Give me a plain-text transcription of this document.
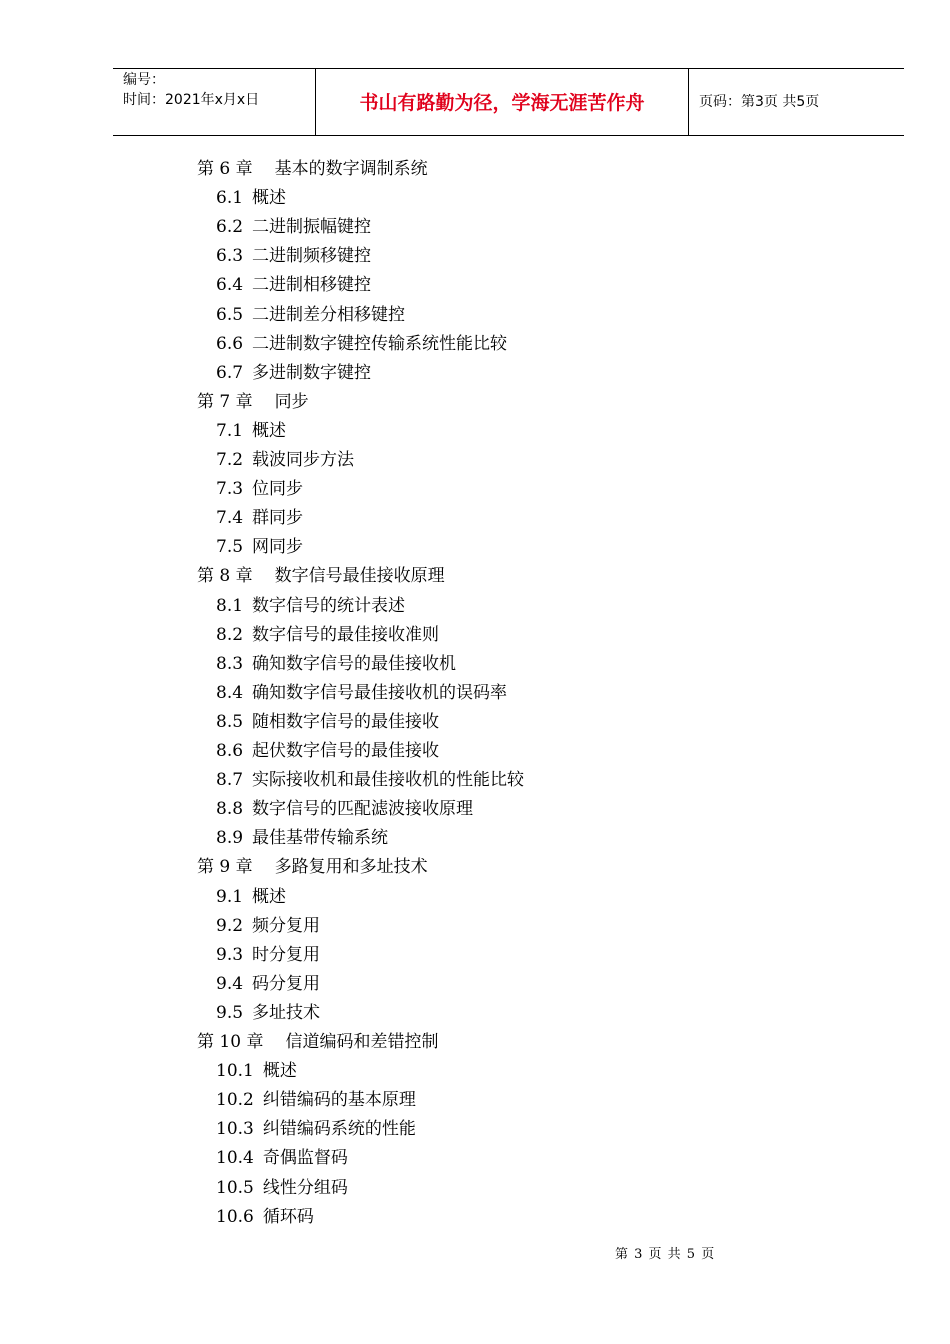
编号：
时间：2021年x月x日	书山有路勤为径，学海无涯苦作舟	页码：第3页 共5页
第 6 章 基本的数字调制系统
6.1 概述
6.2 二进制振幅键控
6.3 二进制频移键控
6.4 二进制相移键控
6.5 二进制差分相移键控
6.6 二进制数字键控传输系统性能比较
6.7 多进制数字键控
第 7 章 同步
7.1 概述
7.2 载波同步方法
7.3 位同步
7.4 群同步
7.5 网同步
第 8 章 数字信号最佳接收原理
8.1 数字信号的统计表述
8.2 数字信号的最佳接收准则
8.3 确知数字信号的最佳接收机
8.4 确知数字信号最佳接收机的误码率
8.5 随相数字信号的最佳接收
8.6 起伏数字信号的最佳接收
8.7 实际接收机和最佳接收机的性能比较
8.8 数字信号的匹配滤波接收原理
8.9 最佳基带传输系统
第 9 章 多路复用和多址技术
9.1 概述
9.2 频分复用
9.3 时分复用
9.4 码分复用
9.5 多址技术
第 10 章 信道编码和差错控制
10.1 概述
10.2 纠错编码的基本原理
10.3 纠错编码系统的性能
10.4 奇偶监督码
10.5 线性分组码
10.6 循环码
第 3 页 共 5 页
